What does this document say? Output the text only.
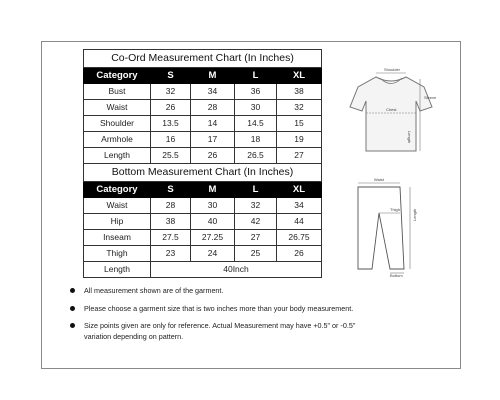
Co-Ord Measurement Chart (In Inches)				
Category	S	M	L	XL
Bust	32	34	36	38
Waist	26	28	30	32
Shoulder	13.5	14	14.5	15
Armhole	16	17	18	19
Length	25.5	26	26.5	27
Bottom Measurement Chart (In Inches)				
Category	S	M	L	XL
Waist	28	30	32	34
Hip	38	40	42	44
Inseam	27.5	27.25	27	26.75
Thigh	23	24	25	26
Length	40Inch			
Shoulder
Chest
Sleeve
Length
Waist
Thigh	Length
Bottom
All measurement shown are of the garment.
Please choose a garment size that is two inches more than your body measurement.
Size points given are only for reference. Actual Measurement may have +0.5" or -0.5" variation depending on pattern.
